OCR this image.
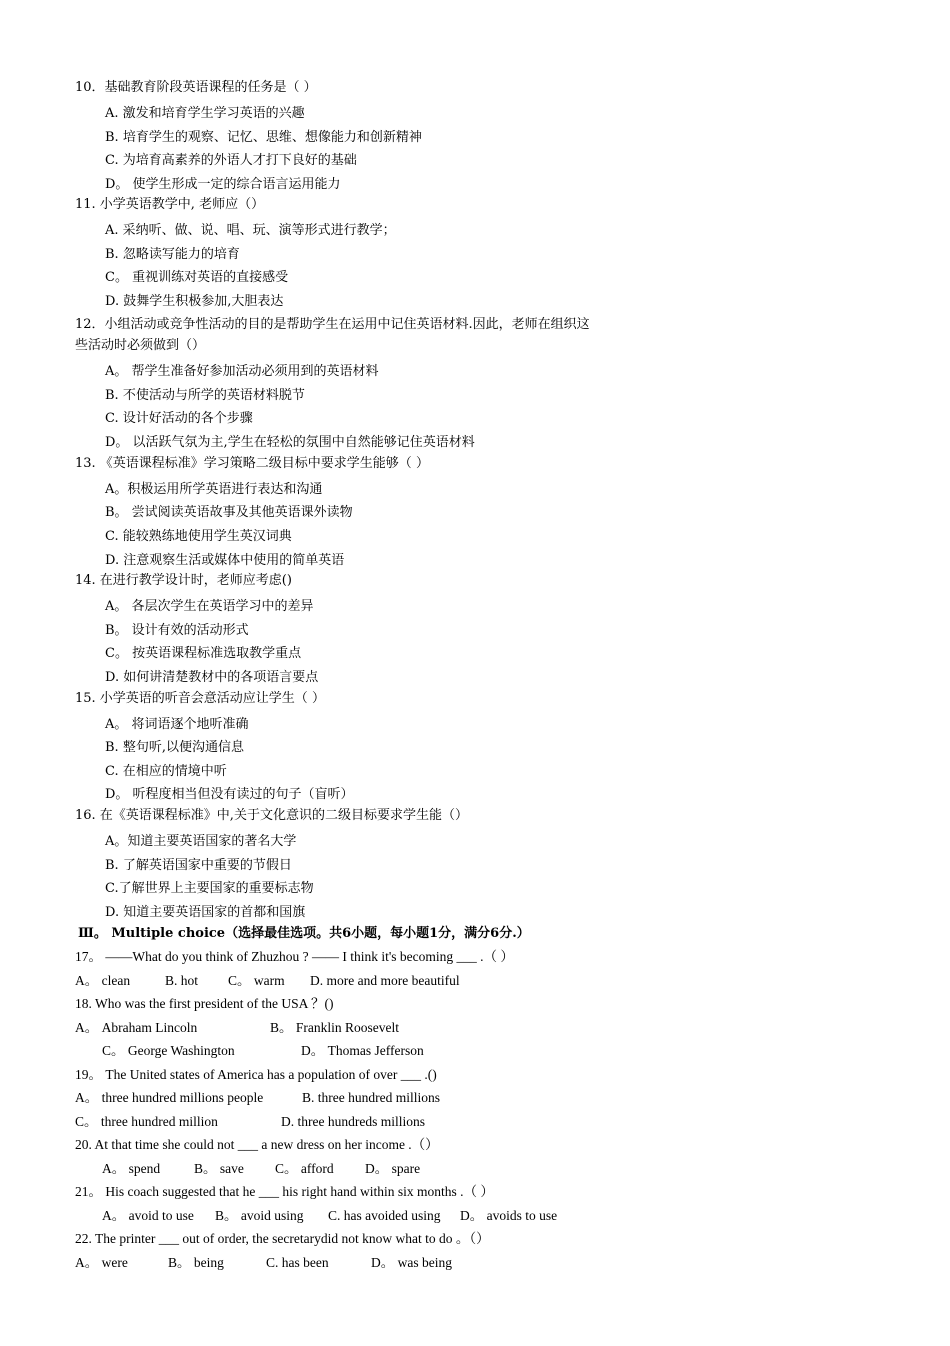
10．基础教育阶段英语课程的任务是（ ）
A. 激发和培育学生学习英语的兴趣
B. 培育学生的观察、记忆、思维、想像能力和创新精神
C. 为培育高素养的外语人才打下良好的基础
D。 使学生形成一定的综合语言运用能力
11. 小学英语教学中, 老师应（）
A. 采纳听、做、说、唱、玩、演等形式进行教学；
B. 忽略读写能力的培育
C。 重视训练对英语的直接感受
D. 鼓舞学生积极参加,大胆表达
12．小组活动或竞争性活动的目的是帮助学生在运用中记住英语材料.因此，老师在组织这
些活动时必须做到（）
A。 帮学生准备好参加活动必须用到的英语材料
B. 不使活动与所学的英语材料脱节
C. 设计好活动的各个步骤
D。 以活跃气氛为主,学生在轻松的氛围中自然能够记住英语材料
13. 《英语课程标准》学习策略二级目标中要求学生能够（ ）
A。积极运用所学英语进行表达和沟通
B。 尝试阅读英语故事及其他英语课外读物
C. 能较熟练地使用学生英汉词典
D. 注意观察生活或媒体中使用的简单英语
14. 在进行教学设计时，老师应考虑()
A。 各层次学生在英语学习中的差异
B。 设计有效的活动形式
C。 按英语课程标准选取教学重点
D. 如何讲清楚教材中的各项语言要点
15. 小学英语的听音会意活动应让学生（ ）
A。 将词语逐个地听准确
B. 整句听,以便沟通信息
C. 在相应的情境中听
D。 听程度相当但没有读过的句子（盲听）
16. 在《英语课程标准》中,关于文化意识的二级目标要求学生能（）
A。知道主要英语国家的著名大学
B. 了解英语国家中重要的节假日
C.了解世界上主要国家的重要标志物
D. 知道主要英语国家的首都和国旗
Ⅲ。 Multiple choice（选择最佳选项。共6小题，每小题1分，满分6分.）
17。 ——What do you think of Zhuzhou ? —— I think it's becoming ___ .（ ）
A。 clean	B. hot C。 warm D. more and more beautiful
18. Who was the first president of the USA ？()
A。 Abraham Lincoln	B。 Franklin Roosevelt
C。 George Washington	D。 Thomas Jefferson
19。 The United states of America has a population of over ___ .()
A。 three hundred millions people	B. three hundred millions
C。 three hundred million	D. three hundreds millions
20. At that time she could not ___ a new dress on her income .（）
A。 spend	B。 save C。 afford D。 spare
21。 His coach suggested that he ___ his right hand within six months .（ ）
A。 avoid to use B。 avoid using C. has avoided using D。 avoids to use
22. The printer ___ out of order, the secretarydid not know what to do 。（）
A。 were	B。 being	C. has been	D。 was being
